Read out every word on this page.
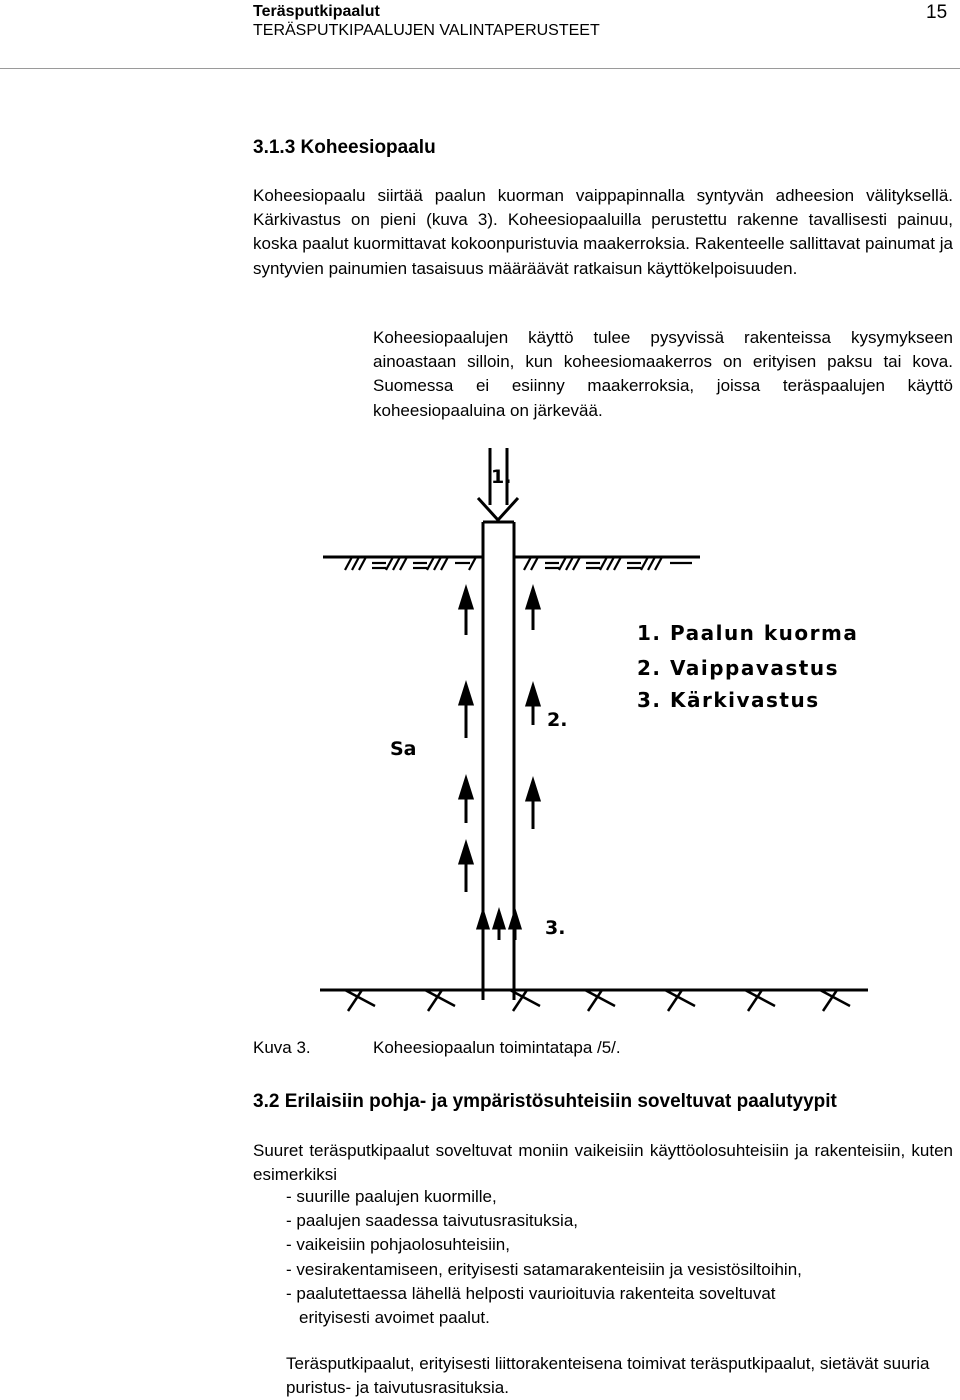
Teräsputkipaalut
TERÄSPUTKIPAALUJEN VALINTAPERUSTEET
15
3.1.3 Koheesiopaalu

Koheesiopaalu siirtää paalun kuorman vaippapinnalla syntyvän adheesion välityksellä. Kärkivastus on pieni (kuva 3). Koheesiopaaluilla perustettu rakenne tavallisesti painuu, koska paalut kuormittavat kokoonpuristuvia maakerroksia. Rakenteelle sallittavat painumat ja syntyvien painumien tasaisuus määräävät ratkaisun käyttökelpoisuuden.

Koheesiopaalujen käyttö tulee pysyvissä rakenteissa kysymykseen ainoastaan silloin, kun koheesiomaakerros on erityisen paksu tai kova. Suomessa ei esiinny maakerroksia, joissa teräspaalujen käyttö koheesiopaaluina on järkevää.

1.
2.
3.
Sa
1. Paalun kuorma
2. Vaippavastus
3. Kärkivastus
Kuva 3.	Koheesiopaalun toimintatapa /5/.
3.2 Erilaisiin pohja- ja ympäristösuhteisiin soveltuvat paalutyypit

Suuret teräsputkipaalut soveltuvat moniin vaikeisiin käyttöolosuhteisiin ja rakenteisiin, kuten esimerkiksi

- suurille paalujen kuormille,
- paalujen saadessa taivutusrasituksia,
- vaikeisiin pohjaolosuhteisiin,
- vesirakentamiseen, erityisesti satamarakenteisiin ja vesistösiltoihin,
- paalutettaessa lähellä helposti vaurioituvia rakenteita soveltuvat
erityisesti avoimet paalut.

Teräsputkipaalut, erityisesti liittorakenteisena toimivat teräsputkipaalut, sietävät suuria puristus- ja taivutusrasituksia.
